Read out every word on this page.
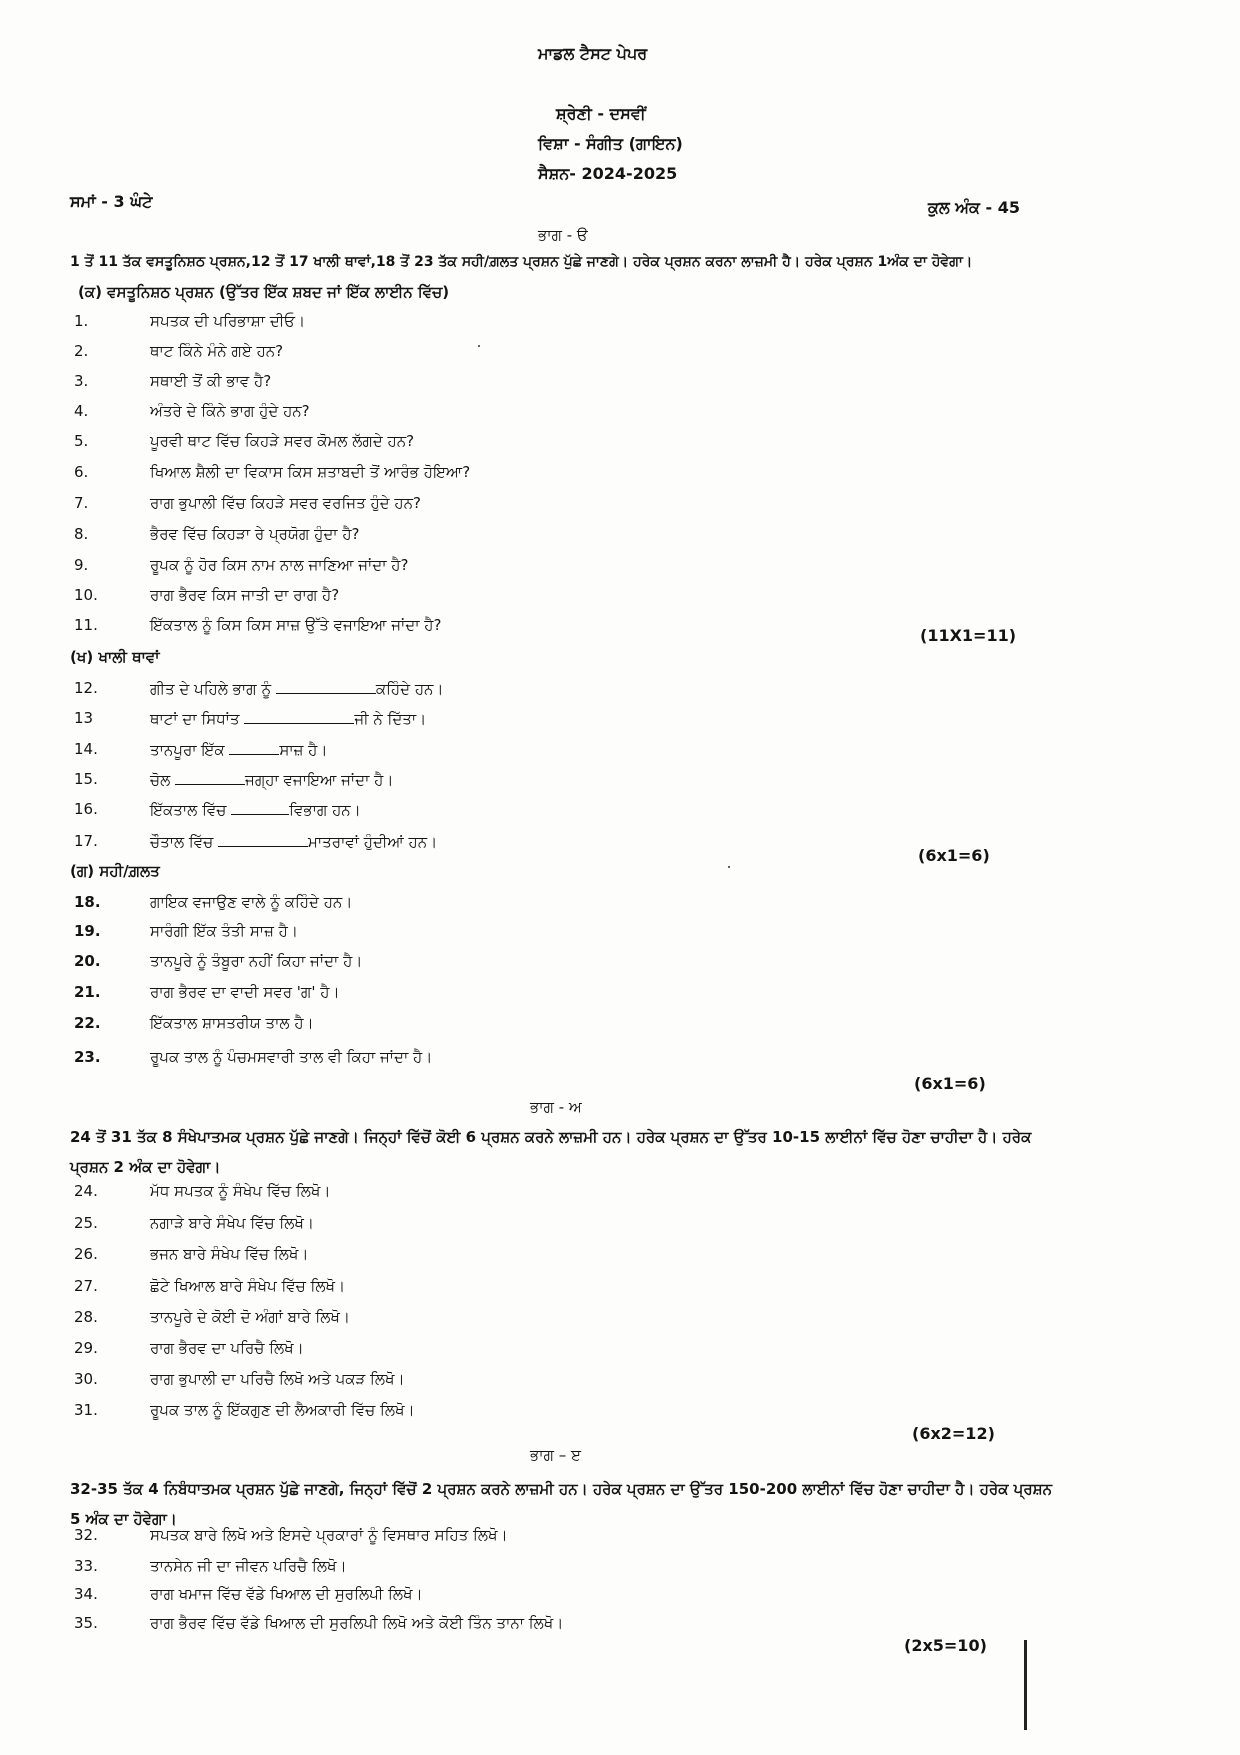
ਮਾਡਲ ਟੈਸਟ ਪੇਪਰ
ਸ਼੍ਰੇਣੀ - ਦਸਵੀਂ
ਵਿਸ਼ਾ - ਸੰਗੀਤ (ਗਾਇਨ)
ਸੈਸ਼ਨ- 2024-2025
ਸਮਾਂ - 3 ਘੰਟੇ	ਕੁਲ ਅੰਕ - 45
ਭਾਗ - ੳ
1 ਤੋਂ 11 ਤੱਕ ਵਸਤੂਨਿਸ਼ਠ ਪ੍ਰਸ਼ਨ,12 ਤੋਂ 17 ਖਾਲੀ ਥਾਵਾਂ,18 ਤੋਂ 23 ਤੱਕ ਸਹੀ/ਗ਼ਲਤ ਪ੍ਰਸ਼ਨ ਪੁੱਛੇ ਜਾਣਗੇ। ਹਰੇਕ ਪ੍ਰਸ਼ਨ ਕਰਨਾ ਲਾਜ਼ਮੀ ਹੈ। ਹਰੇਕ ਪ੍ਰਸ਼ਨ 1ਅੰਕ ਦਾ ਹੋਵੇਗਾ।
(ਕ) ਵਸਤੂਨਿਸ਼ਠ ਪ੍ਰਸ਼ਨ (ਉੱਤਰ ਇੱਕ ਸ਼ਬਦ ਜਾਂ ਇੱਕ ਲਾਈਨ ਵਿੱਚ)
1.	ਸਪਤਕ ਦੀ ਪਰਿਭਾਸ਼ਾ ਦੀਓ।
2.	ਥਾਟ ਕਿੰਨੇ ਮੰਨੇ ਗਏ ਹਨ?
3.	ਸਥਾਈ ਤੋਂ ਕੀ ਭਾਵ ਹੈ?
4.	ਅੰਤਰੇ ਦੇ ਕਿੰਨੇ ਭਾਗ ਹੁੰਦੇ ਹਨ?
5.	ਪੂਰਵੀ ਥਾਟ ਵਿੱਚ ਕਿਹੜੇ ਸਵਰ ਕੋਮਲ ਲੱਗਦੇ ਹਨ?
6.	ਖਿਆਲ ਸ਼ੈਲੀ ਦਾ ਵਿਕਾਸ ਕਿਸ ਸ਼ਤਾਬਦੀ ਤੋਂ ਆਰੰਭ ਹੋਇਆ?
7.	ਰਾਗ ਭੁਪਾਲੀ ਵਿੱਚ ਕਿਹੜੇ ਸਵਰ ਵਰਜਿਤ ਹੁੰਦੇ ਹਨ?
8.	ਭੈਰਵ ਵਿੱਚ ਕਿਹੜਾ ਰੇ ਪ੍ਰਯੋਗ ਹੁੰਦਾ ਹੈ?
9.	ਰੂਪਕ ਨੂੰ ਹੋਰ ਕਿਸ ਨਾਮ ਨਾਲ ਜਾਣਿਆ ਜਾਂਦਾ ਹੈ?
10.	ਰਾਗ ਭੈਰਵ ਕਿਸ ਜਾਤੀ ਦਾ ਰਾਗ ਹੈ?
11.	ਇੱਕਤਾਲ ਨੂੰ ਕਿਸ ਕਿਸ ਸਾਜ਼ ਉੱਤੇ ਵਜਾਇਆ ਜਾਂਦਾ ਹੈ?
(11X1=11)
(ਖ) ਖਾਲੀ ਥਾਵਾਂ
12.	ਗੀਤ ਦੇ ਪਹਿਲੇ ਭਾਗ ਨੂੰ	ਕਹਿੰਦੇ ਹਨ।
13	ਥਾਟਾਂ ਦਾ ਸਿਧਾਂਤ	ਜੀ ਨੇ ਦਿੱਤਾ।
14.	ਤਾਨਪੂਰਾ ਇੱਕ	ਸਾਜ਼ ਹੈ।
15.	ਚੋਲ	ਜਗ੍ਹਾ ਵਜਾਇਆ ਜਾਂਦਾ ਹੈ।
16.	ਇੱਕਤਾਲ ਵਿੱਚ	ਵਿਭਾਗ ਹਨ।
17.	ਚੌਤਾਲ ਵਿੱਚ	ਮਾਤਰਾਵਾਂ ਹੁੰਦੀਆਂ ਹਨ।
(6x1=6)
(ਗ) ਸਹੀ/ਗ਼ਲਤ
18.	ਗਾਇਕ ਵਜਾਉਣ ਵਾਲੇ ਨੂੰ ਕਹਿੰਦੇ ਹਨ।
19.	ਸਾਰੰਗੀ ਇੱਕ ਤੰਤੀ ਸਾਜ਼ ਹੈ।
20.	ਤਾਨਪੂਰੇ ਨੂੰ ਤੰਬੂਰਾ ਨਹੀਂ ਕਿਹਾ ਜਾਂਦਾ ਹੈ।
21.	ਰਾਗ ਭੈਰਵ ਦਾ ਵਾਦੀ ਸਵਰ 'ਗ' ਹੈ।
22.	ਇੱਕਤਾਲ ਸ਼ਾਸਤਰੀਯ ਤਾਲ ਹੈ।
23.	ਰੂਪਕ ਤਾਲ ਨੂੰ ਪੰਚਮਸਵਾਰੀ ਤਾਲ ਵੀ ਕਿਹਾ ਜਾਂਦਾ ਹੈ।
(6x1=6)
ਭਾਗ - ਅ
24 ਤੋਂ 31 ਤੱਕ 8 ਸੰਖੇਪਾਤਮਕ ਪ੍ਰਸ਼ਨ ਪੁੱਛੇ ਜਾਣਗੇ। ਜਿਨ੍ਹਾਂ ਵਿੱਚੋਂ ਕੋਈ 6 ਪ੍ਰਸ਼ਨ ਕਰਨੇ ਲਾਜ਼ਮੀ ਹਨ। ਹਰੇਕ ਪ੍ਰਸ਼ਨ ਦਾ ਉੱਤਰ 10-15 ਲਾਈਨਾਂ ਵਿੱਚ ਹੋਣਾ ਚਾਹੀਦਾ ਹੈ। ਹਰੇਕ ਪ੍ਰਸ਼ਨ 2 ਅੰਕ ਦਾ ਹੋਵੇਗਾ।
24.	ਮੱਧ ਸਪਤਕ ਨੂੰ ਸੰਖੇਪ ਵਿੱਚ ਲਿਖੋ।
25.	ਨਗਾੜੇ ਬਾਰੇ ਸੰਖੇਪ ਵਿੱਚ ਲਿਖੋ।
26.	ਭਜਨ ਬਾਰੇ ਸੰਖੇਪ ਵਿੱਚ ਲਿਖੋ।
27.	ਛੋਟੇ ਖਿਆਲ ਬਾਰੇ ਸੰਖੇਪ ਵਿੱਚ ਲਿਖੋ।
28.	ਤਾਨਪੂਰੇ ਦੇ ਕੋਈ ਦੋ ਅੰਗਾਂ ਬਾਰੇ ਲਿਖੋ।
29.	ਰਾਗ ਭੈਰਵ ਦਾ ਪਰਿਚੈ ਲਿਖੋ।
30.	ਰਾਗ ਭੁਪਾਲੀ ਦਾ ਪਰਿਚੈ ਲਿਖੋ ਅਤੇ ਪਕੜ ਲਿਖੋ।
31.	ਰੂਪਕ ਤਾਲ ਨੂੰ ਇੱਕਗੁਣ ਦੀ ਲੈਅਕਾਰੀ ਵਿੱਚ ਲਿਖੋ।
(6x2=12)
ਭਾਗ – ੲ
32-35 ਤੱਕ 4 ਨਿਬੰਧਾਤਮਕ ਪ੍ਰਸ਼ਨ ਪੁੱਛੇ ਜਾਣਗੇ, ਜਿਨ੍ਹਾਂ ਵਿੱਚੋਂ 2 ਪ੍ਰਸ਼ਨ ਕਰਨੇ ਲਾਜ਼ਮੀ ਹਨ। ਹਰੇਕ ਪ੍ਰਸ਼ਨ ਦਾ ਉੱਤਰ 150-200 ਲਾਈਨਾਂ ਵਿੱਚ ਹੋਣਾ ਚਾਹੀਦਾ ਹੈ। ਹਰੇਕ ਪ੍ਰਸ਼ਨ 5 ਅੰਕ ਦਾ ਹੋਵੇਗਾ।
32.	ਸਪਤਕ ਬਾਰੇ ਲਿਖੋ ਅਤੇ ਇਸਦੇ ਪ੍ਰਕਾਰਾਂ ਨੂੰ ਵਿਸਥਾਰ ਸਹਿਤ ਲਿਖੋ।
33.	ਤਾਨਸੇਨ ਜੀ ਦਾ ਜੀਵਨ ਪਰਿਚੈ ਲਿਖੋ।
34.	ਰਾਗ ਖਮਾਜ ਵਿੱਚ ਵੱਡੇ ਖਿਆਲ ਦੀ ਸੁਰਲਿਪੀ ਲਿਖੋ।
35.	ਰਾਗ ਭੈਰਵ ਵਿੱਚ ਵੱਡੇ ਖਿਆਲ ਦੀ ਸੁਰਲਿਪੀ ਲਿਖੋ ਅਤੇ ਕੋਈ ਤਿੰਨ ਤਾਨਾ ਲਿਖੋ।
(2x5=10)
